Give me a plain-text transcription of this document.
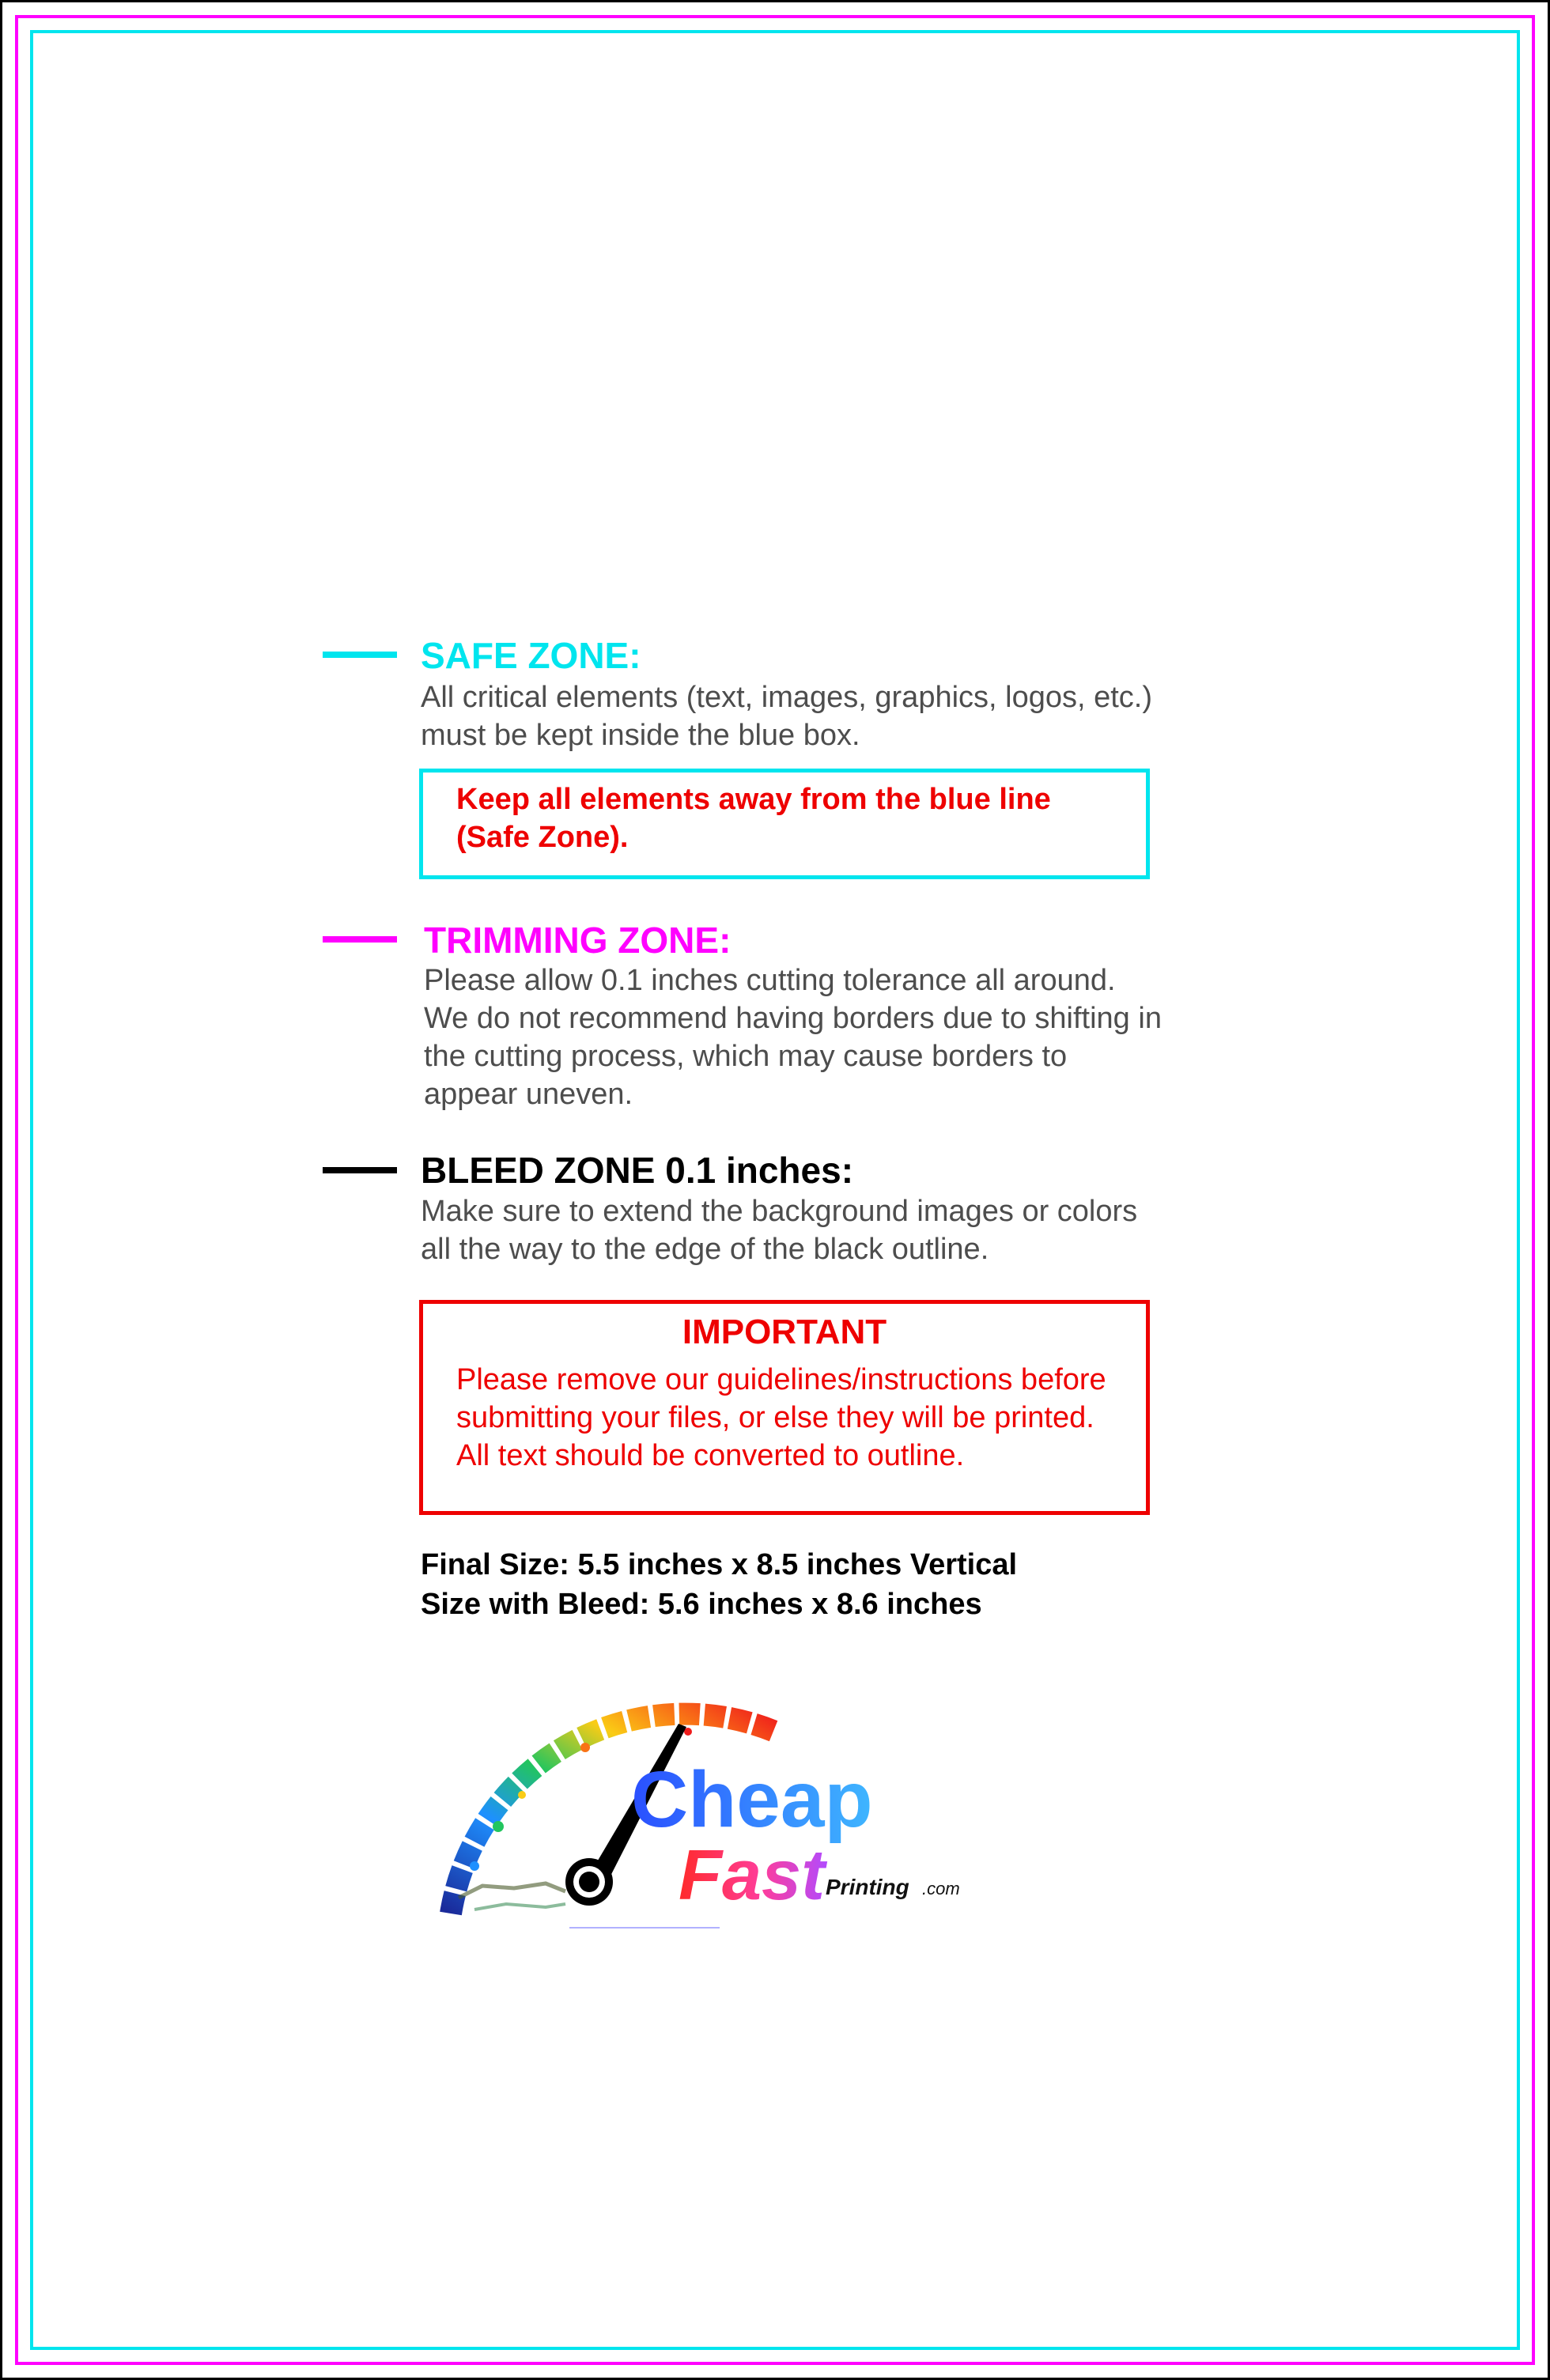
SAFE ZONE:

All critical elements (text, images, graphics, logos, etc.)
must be kept inside the blue box.

Keep all elements away from the blue line
(Safe Zone).

TRIMMING ZONE:

Please allow 0.1 inches cutting tolerance all around.
We do not recommend having borders due to shifting in
the cutting process, which may cause borders to
appear uneven.

BLEED ZONE 0.1 inches:

Make sure to extend the background images or colors
all the way to the edge of the black outline.

IMPORTANT

Please remove our guidelines/instructions before
submitting your files, or else they will be printed.
All text should be converted to outline.

Final Size: 5.5 inches x 8.5 inches Vertical
Size with Bleed: 5.6 inches x 8.6 inches

Cheap
Fast Printing .com
